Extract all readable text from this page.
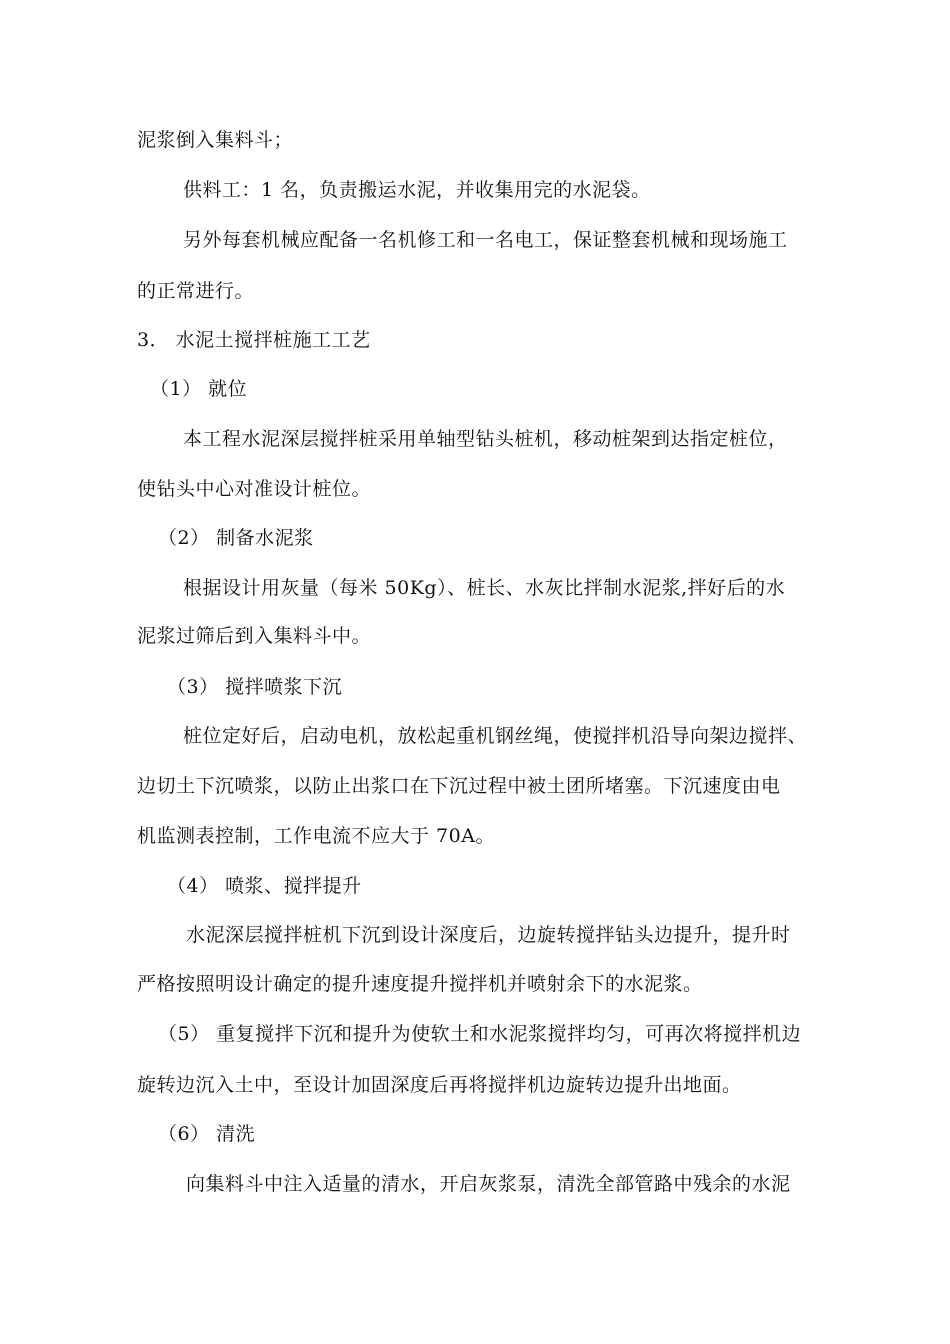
泥浆倒入集料斗；
供料工：1 名，负责搬运水泥，并收集用完的水泥袋。
另外每套机械应配备一名机修工和一名电工，保证整套机械和现场施工
的正常进行。
3． 水泥土搅拌桩施工工艺
（1） 就位
本工程水泥深层搅拌桩采用单轴型钻头桩机，移动桩架到达指定桩位，
使钻头中心对准设计桩位。
（2） 制备水泥浆
根据设计用灰量（每米 50Kg）、桩长、水灰比拌制水泥浆,拌好后的水
泥浆过筛后到入集料斗中。
（3） 搅拌喷浆下沉
桩位定好后，启动电机，放松起重机钢丝绳，使搅拌机沿导向架边搅拌、
边切土下沉喷浆，以防止出浆口在下沉过程中被土团所堵塞。下沉速度由电
机监测表控制，工作电流不应大于 70A。
（4） 喷浆、搅拌提升
水泥深层搅拌桩机下沉到设计深度后，边旋转搅拌钻头边提升，提升时
严格按照明设计确定的提升速度提升搅拌机并喷射余下的水泥浆。
（5） 重复搅拌下沉和提升为使软土和水泥浆搅拌均匀，可再次将搅拌机边
旋转边沉入土中，至设计加固深度后再将搅拌机边旋转边提升出地面。
（6） 清洗
向集料斗中注入适量的清水，开启灰浆泵，清洗全部管路中残余的水泥
